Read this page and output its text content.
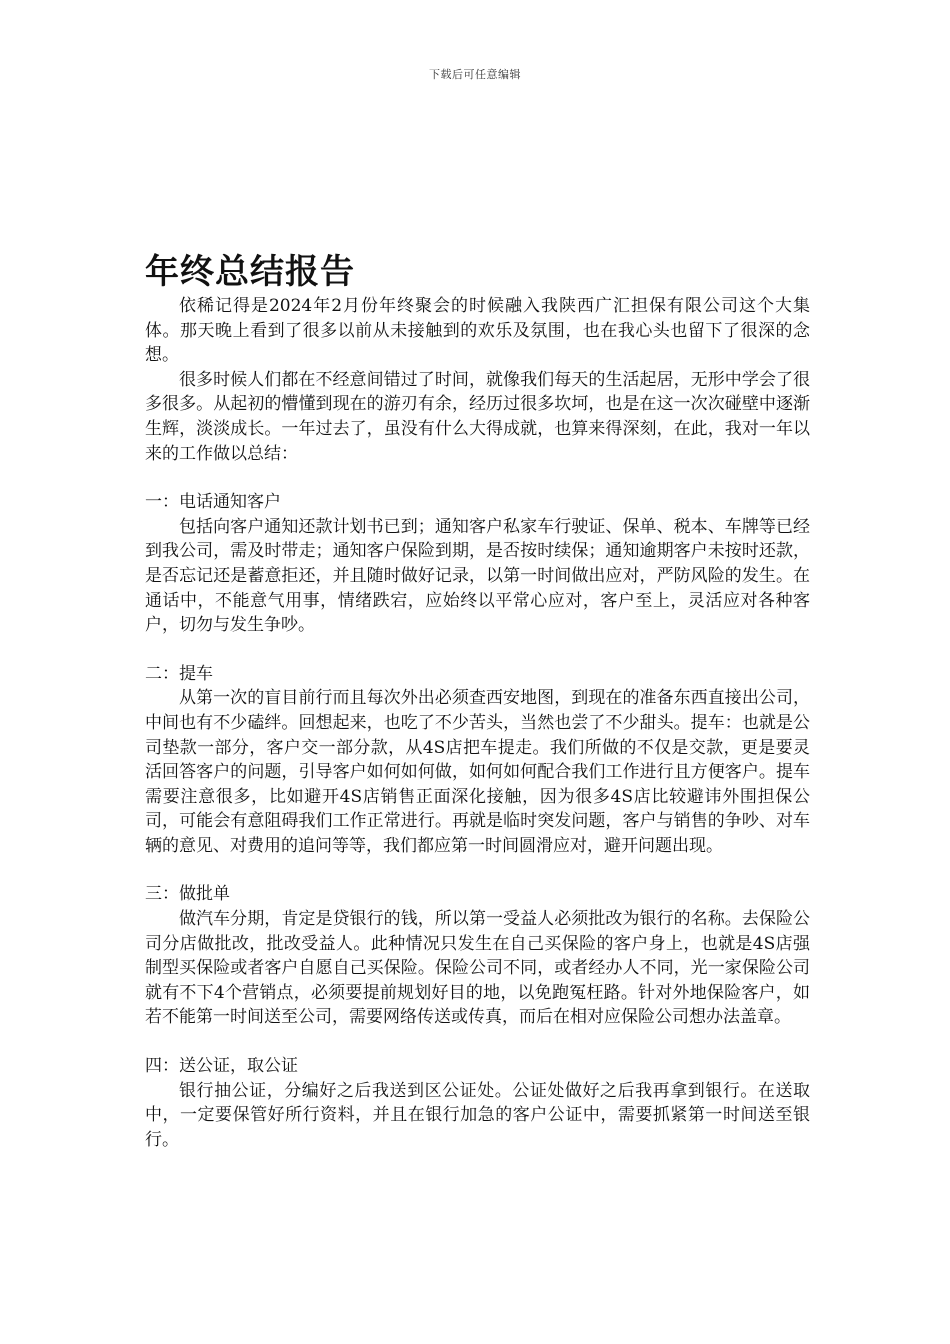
下载后可任意编辑
年终总结报告

依稀记得是2024年2月份年终聚会的时候融入我陕西广汇担保有限公司这个大集体。那天晚上看到了很多以前从未接触到的欢乐及氛围，也在我心头也留下了很深的念想。

很多时候人们都在不经意间错过了时间，就像我们每天的生活起居，无形中学会了很多很多。从起初的懵懂到现在的游刃有余，经历过很多坎坷，也是在这一次次碰壁中逐渐生辉，淡淡成长。一年过去了，虽没有什么大得成就，也算来得深刻，在此，我对一年以来的工作做以总结：

一：电话通知客户

包括向客户通知还款计划书已到；通知客户私家车行驶证、保单、税本、车牌等已经到我公司，需及时带走；通知客户保险到期，是否按时续保；通知逾期客户未按时还款，是否忘记还是蓄意拒还，并且随时做好记录，以第一时间做出应对，严防风险的发生。在通话中，不能意气用事，情绪跌宕，应始终以平常心应对，客户至上，灵活应对各种客户，切勿与发生争吵。

二：提车

从第一次的盲目前行而且每次外出必须查西安地图，到现在的准备东西直接出公司，中间也有不少磕绊。回想起来，也吃了不少苦头，当然也尝了不少甜头。提车：也就是公司垫款一部分，客户交一部分款，从4S店把车提走。我们所做的不仅是交款，更是要灵活回答客户的问题，引导客户如何如何做，如何如何配合我们工作进行且方便客户。提车需要注意很多，比如避开4S店销售正面深化接触，因为很多4S店比较避讳外围担保公司，可能会有意阻碍我们工作正常进行。再就是临时突发问题，客户与销售的争吵、对车辆的意见、对费用的追问等等，我们都应第一时间圆滑应对，避开问题出现。

三：做批单

做汽车分期，肯定是贷银行的钱，所以第一受益人必须批改为银行的名称。去保险公司分店做批改，批改受益人。此种情况只发生在自己买保险的客户身上，也就是4S店强制型买保险或者客户自愿自己买保险。保险公司不同，或者经办人不同，光一家保险公司就有不下4个营销点，必须要提前规划好目的地，以免跑冤枉路。针对外地保险客户，如若不能第一时间送至公司，需要网络传送或传真，而后在相对应保险公司想办法盖章。

四：送公证，取公证

银行抽公证，分编好之后我送到区公证处。公证处做好之后我再拿到银行。在送取中，一定要保管好所行资料，并且在银行加急的客户公证中，需要抓紧第一时间送至银行。
